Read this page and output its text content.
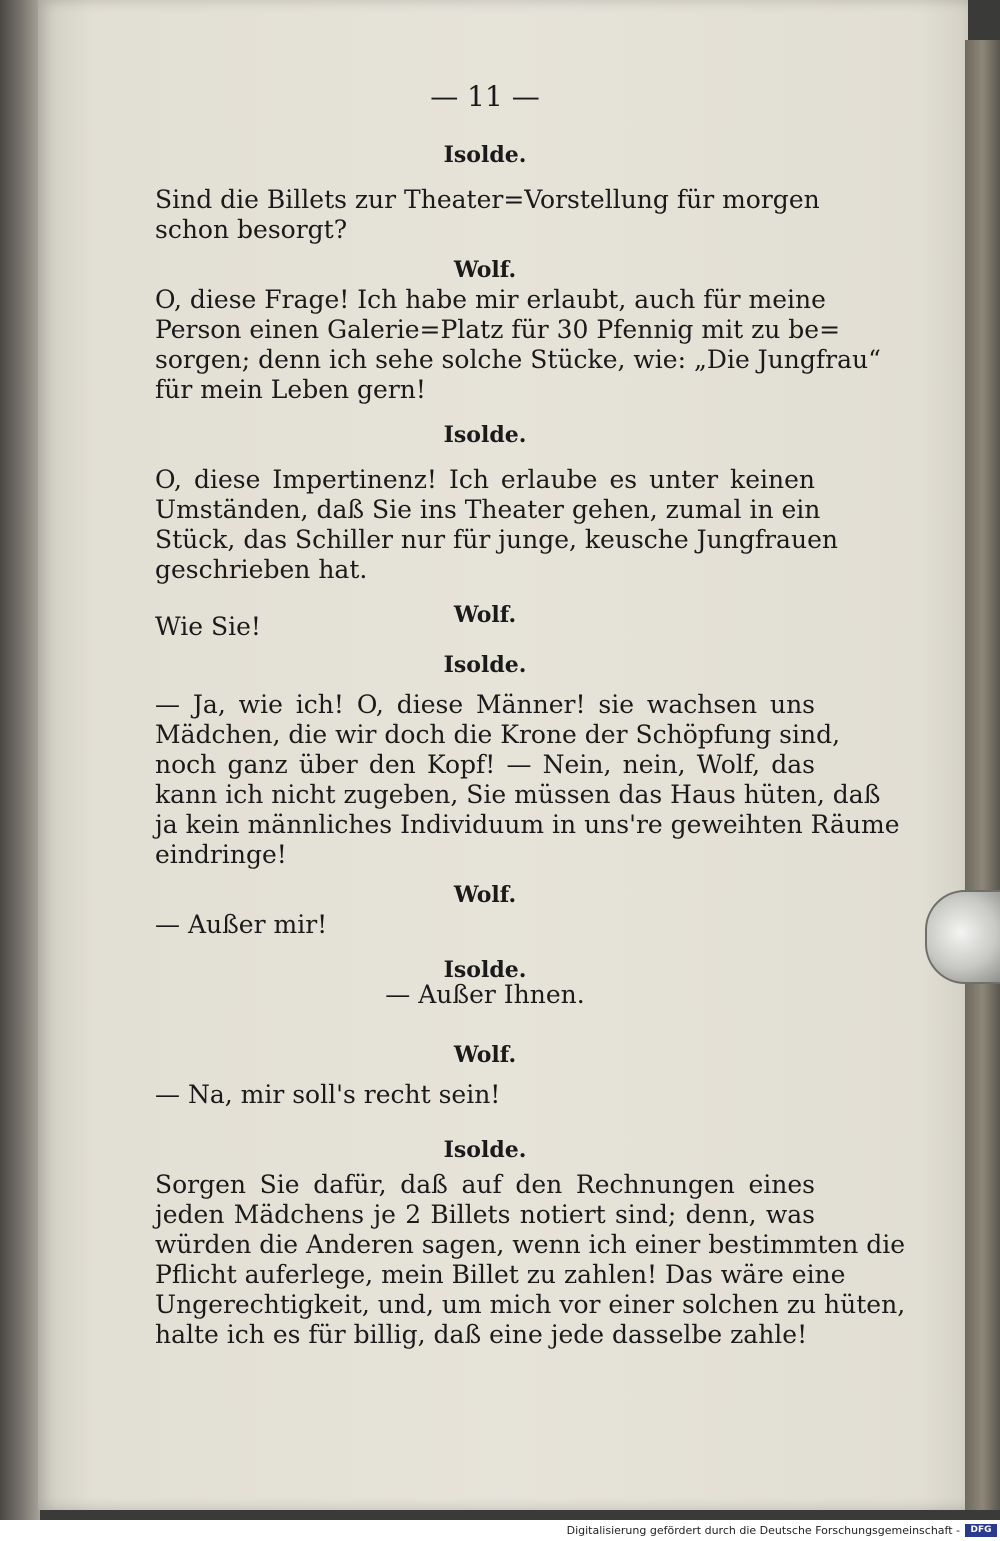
— 11 —
Isolde.
Sind die Billets zur Theater=Vorstellung für morgen
schon besorgt?
Wolf.
O, diese Frage! Ich habe mir erlaubt, auch für meine
Person einen Galerie=Platz für 30 Pfennig mit zu be=
sorgen; denn ich sehe solche Stücke, wie: „Die Jungfrau“
für mein Leben gern!
Isolde.
O, diese Impertinenz! Ich erlaube es unter keinen
Umständen, daß Sie ins Theater gehen, zumal in ein
Stück, das Schiller nur für junge, keusche Jungfrauen
geschrieben hat.
Wolf.
Wie Sie!
Isolde.
— Ja, wie ich! O, diese Männer! sie wachsen uns
Mädchen, die wir doch die Krone der Schöpfung sind,
noch ganz über den Kopf! — Nein, nein, Wolf, das
kann ich nicht zugeben, Sie müssen das Haus hüten, daß
ja kein männliches Individuum in uns're geweihten Räume
eindringe!
Wolf.
— Außer mir!
Isolde.
— Außer Ihnen.
Wolf.
— Na, mir soll's recht sein!
Isolde.
Sorgen Sie dafür, daß auf den Rechnungen eines
jeden Mädchens je 2 Billets notiert sind; denn, was
würden die Anderen sagen, wenn ich einer bestimmten die
Pflicht auferlege, mein Billet zu zahlen! Das wäre eine
Ungerechtigkeit, und, um mich vor einer solchen zu hüten,
halte ich es für billig, daß eine jede dasselbe zahle!
Digitalisierung gefördert durch die Deutsche Forschungsgemeinschaft -	DFG
